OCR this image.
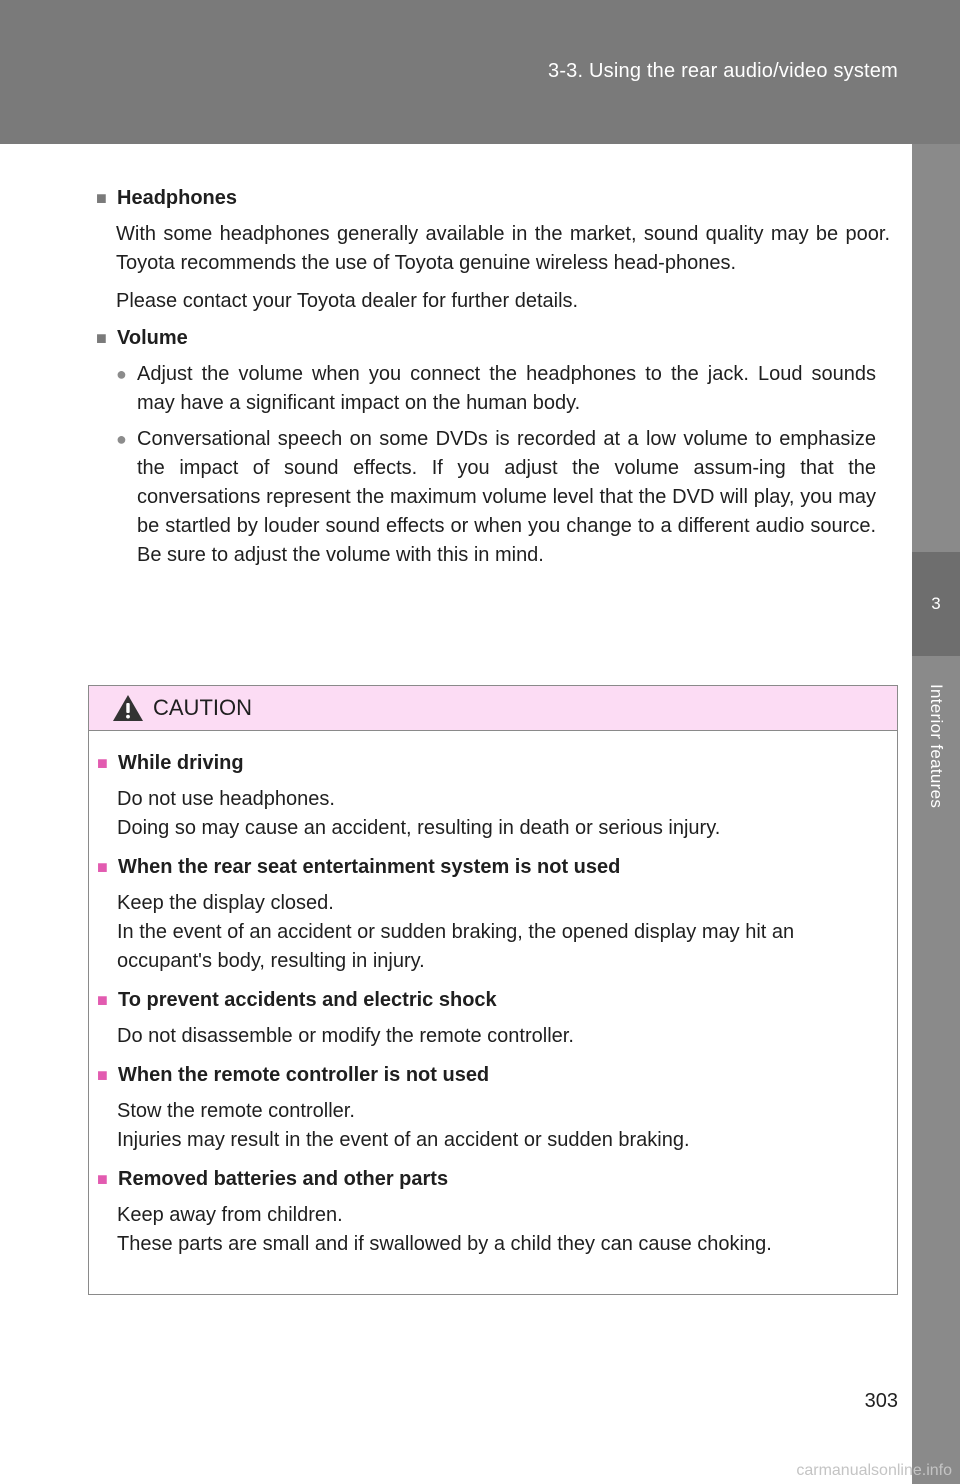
3-3. Using the rear audio/video system
3
Interior features
■ Headphones

With some headphones generally available in the market, sound quality may be poor. Toyota recommends the use of Toyota genuine wireless head-phones.

Please contact your Toyota dealer for further details.

■ Volume
● Adjust the volume when you connect the headphones to the jack. Loud sounds may have a significant impact on the human body.
● Conversational speech on some DVDs is recorded at a low volume to emphasize the impact of sound effects. If you adjust the volume assum-ing that the conversations represent the maximum volume level that the DVD will play, you may be startled by louder sound effects or when you change to a different audio source. Be sure to adjust the volume with this in mind.
CAUTION
■ While driving
Do not use headphones.
Doing so may cause an accident, resulting in death or serious injury.
■ When the rear seat entertainment system is not used
Keep the display closed.
In the event of an accident or sudden braking, the opened display may hit an occupant's body, resulting in injury.
■ To prevent accidents and electric shock
Do not disassemble or modify the remote controller.
■ When the remote controller is not used
Stow the remote controller.
Injuries may result in the event of an accident or sudden braking.
■ Removed batteries and other parts
Keep away from children.
These parts are small and if swallowed by a child they can cause choking.
303
carmanualsonline.info
